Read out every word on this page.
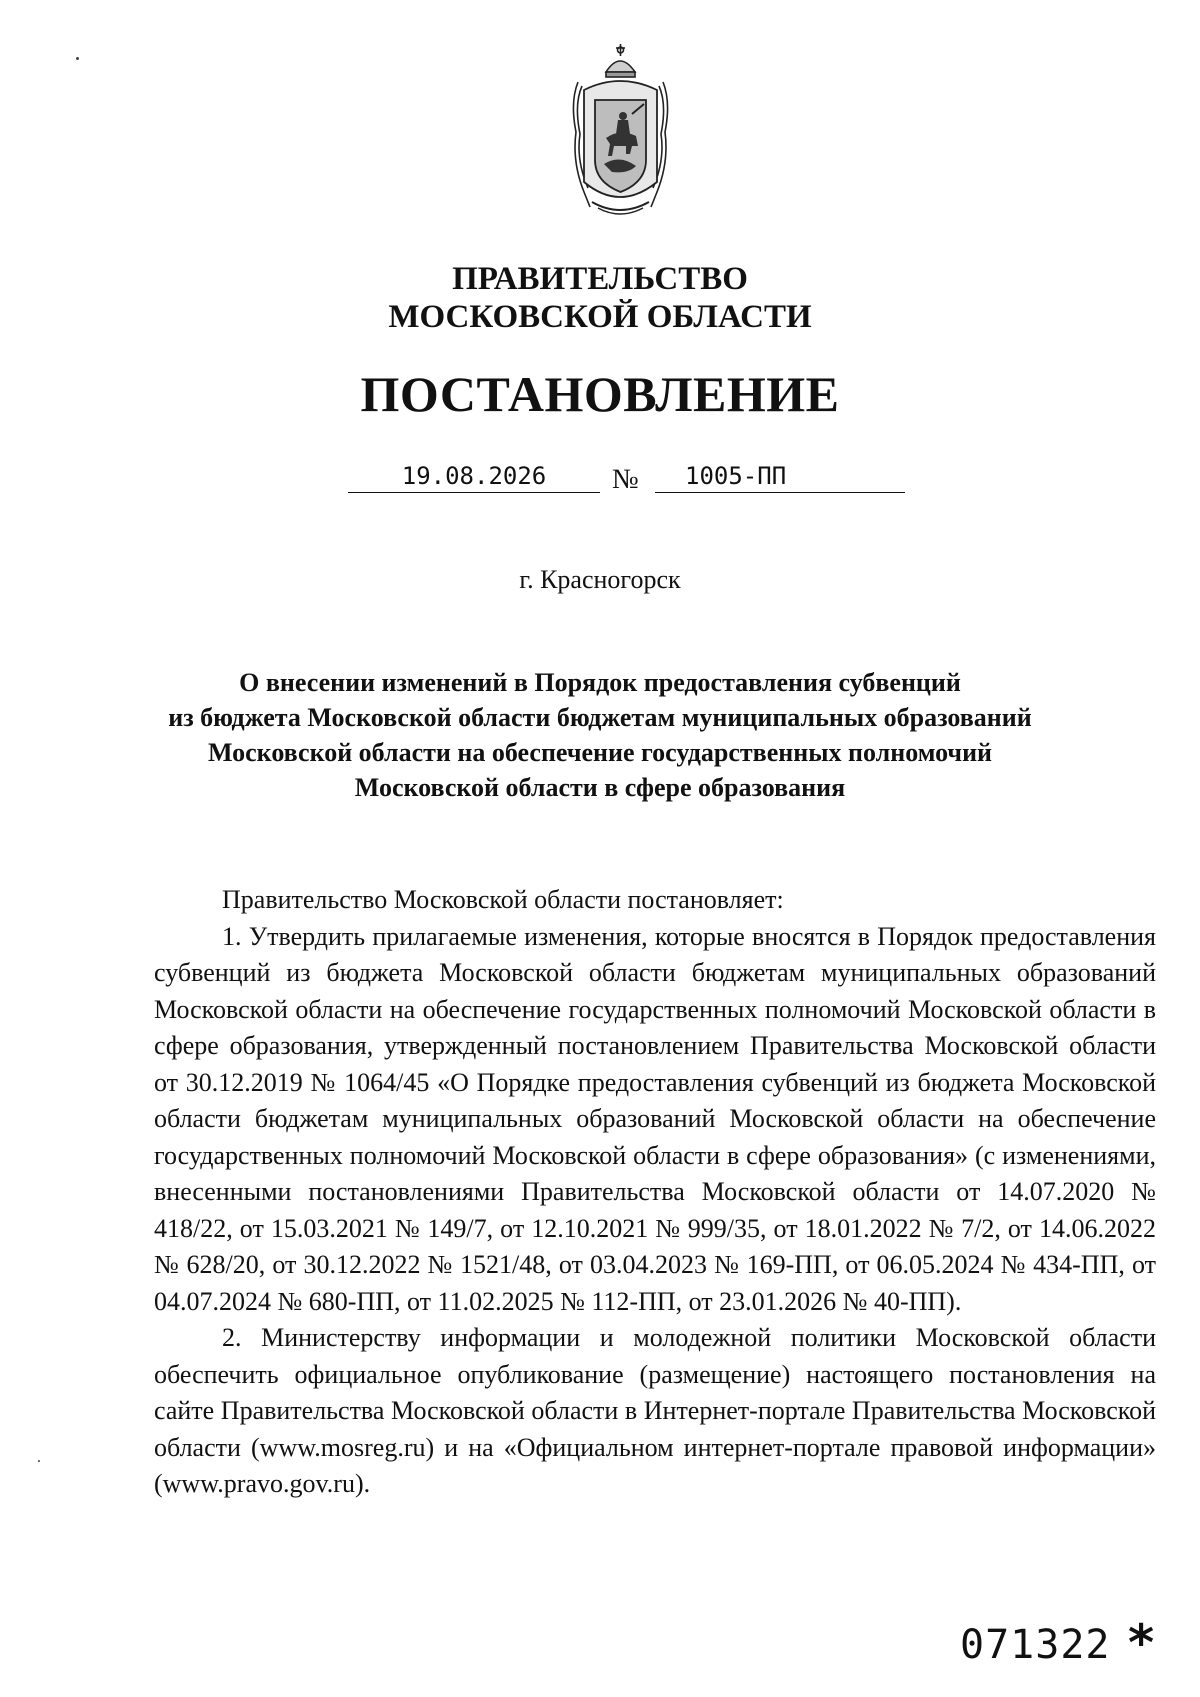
ПРАВИТЕЛЬСТВО
МОСКОВСКОЙ ОБЛАСТИ
ПОСТАНОВЛЕНИЕ
19.08.2026	№	1005-ПП
г. Красногорск
О внесении изменений в Порядок предоставления субвенций
из бюджета Московской области бюджетам муниципальных образований
Московской области на обеспечение государственных полномочий
Московской области в сфере образования

Правительство Московской области постановляет:

1. Утвердить прилагаемые изменения, которые вносятся в Порядок предоставления субвенций из бюджета Московской области бюджетам муниципальных образований Московской области на обеспечение государственных полномочий Московской области в сфере образования, утвержденный постановлением Правительства Московской области от 30.12.2019 № 1064/45 «О Порядке предоставления субвенций из бюджета Московской области бюджетам муниципальных образований Московской области на обеспечение государственных полномочий Московской области в сфере образования» (с изменениями, внесенными постановлениями Правительства Московской области от 14.07.2020 № 418/22, от 15.03.2021 № 149/7, от 12.10.2021 № 999/35, от 18.01.2022 № 7/2, от 14.06.2022 № 628/20, от 30.12.2022 № 1521/48, от 03.04.2023 № 169-ПП, от 06.05.2024 № 434-ПП, от 04.07.2024 № 680-ПП, от 11.02.2025 № 112-ПП, от 23.01.2026 № 40-ПП).

2. Министерству информации и молодежной политики Московской области обеспечить официальное опубликование (размещение) настоящего постановления на сайте Правительства Московской области в Интернет-портале Правительства Московской области (www.mosreg.ru) и на «Официальном интернет-портале правовой информации» (www.pravo.gov.ru).

071322 *
